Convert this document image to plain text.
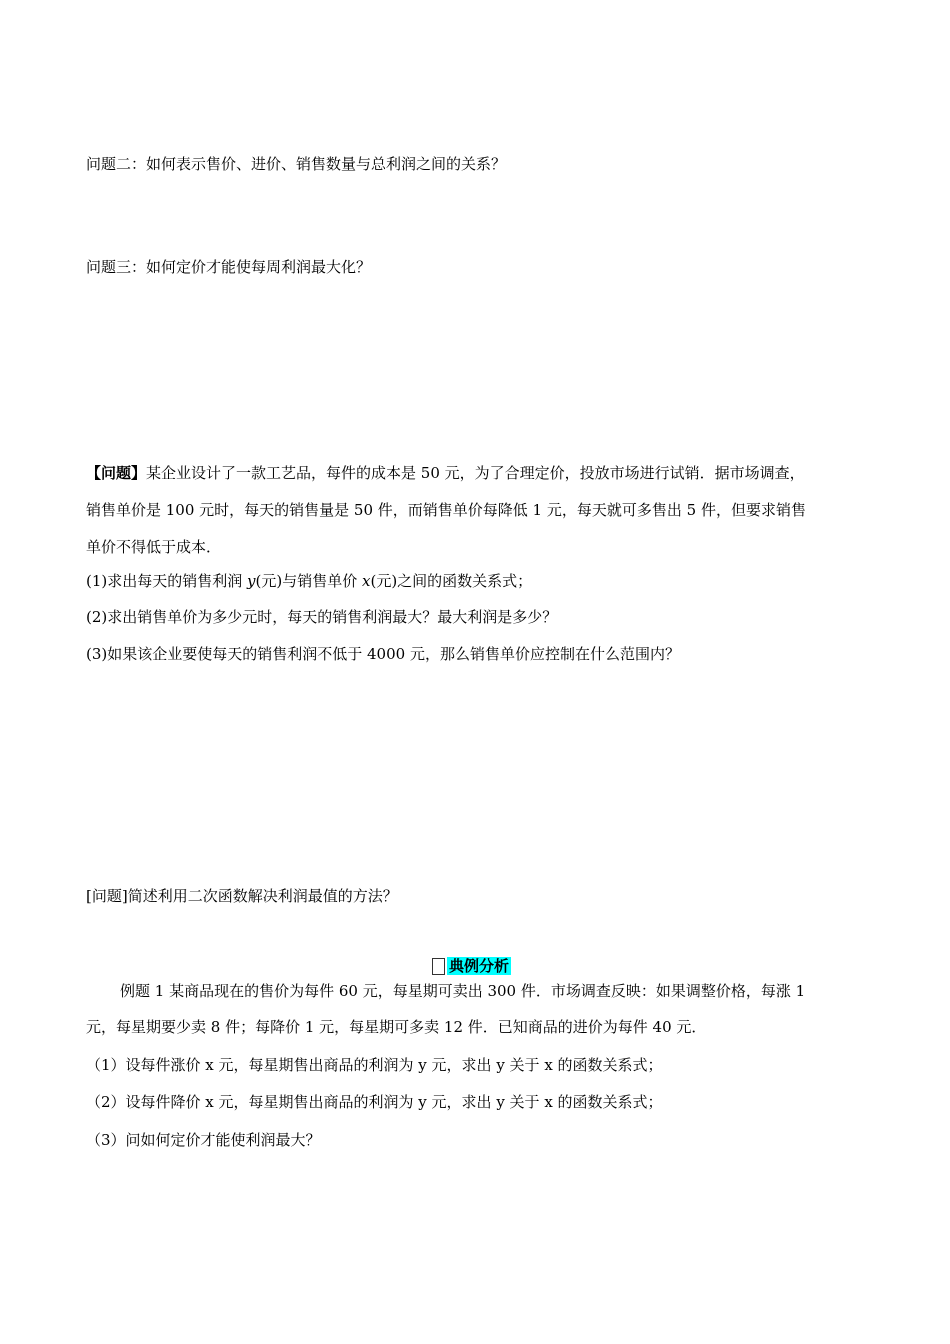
问题二：如何表示售价、进价、销售数量与总利润之间的关系？
问题三：如何定价才能使每周利润最大化？
【问题】某企业设计了一款工艺品，每件的成本是 50 元，为了合理定价，投放市场进行试销．据市场调查，
销售单价是 100 元时，每天的销售量是 50 件，而销售单价每降低 1 元，每天就可多售出 5 件，但要求销售
单价不得低于成本．
(1)求出每天的销售利润 y(元)与销售单价 x(元)之间的函数关系式；
(2)求出销售单价为多少元时，每天的销售利润最大？最大利润是多少？
(3)如果该企业要使每天的销售利润不低于 4000 元，那么销售单价应控制在什么范围内？
[问题]简述利用二次函数解决利润最值的方法？
典例分析
例题 1 某商品现在的售价为每件 60 元，每星期可卖出 300 件．市场调查反映：如果调整价格，每涨 1
元，每星期要少卖 8 件；每降价 1 元，每星期可多卖 12 件．已知商品的进价为每件 40 元．
（1）设每件涨价 x 元，每星期售出商品的利润为 y 元，求出 y 关于 x 的函数关系式；
（2）设每件降价 x 元，每星期售出商品的利润为 y 元，求出 y 关于 x 的函数关系式；
（3）问如何定价才能使利润最大？
